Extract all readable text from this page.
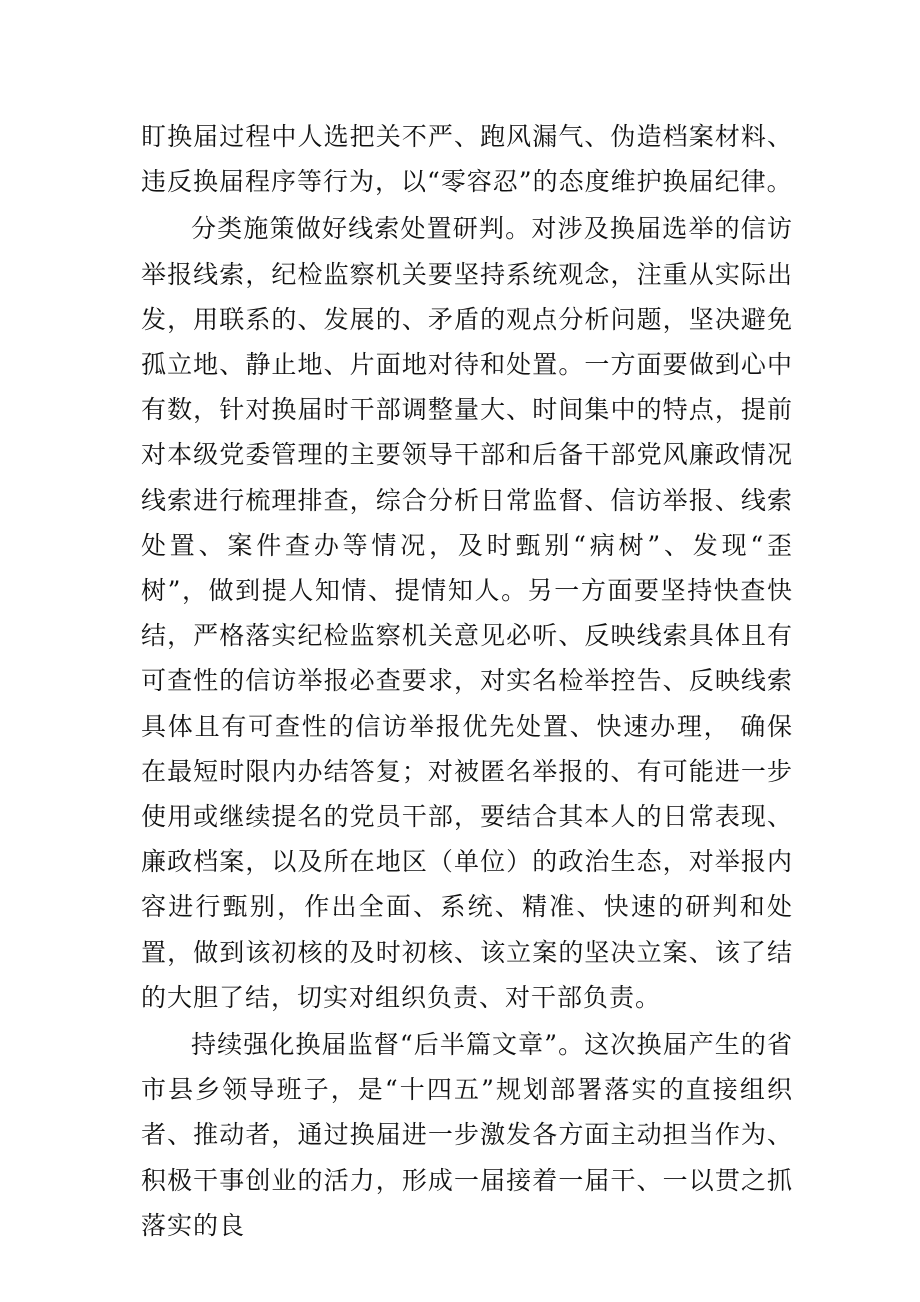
盯换届过程中人选把关不严、跑风漏气、伪造档案材料、违反换届程序等行为，以“零容忍”的态度维护换届纪律。

分类施策做好线索处置研判。对涉及换届选举的信访举报线索，纪检监察机关要坚持系统观念，注重从实际出发，用联系的、发展的、矛盾的观点分析问题，坚决避免孤立地、静止地、片面地对待和处置。一方面要做到心中有数，针对换届时干部调整量大、时间集中的特点，提前对本级党委管理的主要领导干部和后备干部党风廉政情况线索进行梳理排查，综合分析日常监督、信访举报、线索处置、案件查办等情况，及时甄别“病树”、发现“歪树”，做到提人知情、提情知人。另一方面要坚持快查快结，严格落实纪检监察机关意见必听、反映线索具体且有可查性的信访举报必查要求，对实名检举控告、反映线索具体且有可查性的信访举报优先处置、快速办理， 确保在最短时限内办结答复；对被匿名举报的、有可能进一步使用或继续提名的党员干部，要结合其本人的日常表现、廉政档案，以及所在地区（单位）的政治生态，对举报内容进行甄别，作出全面、系统、精准、快速的研判和处置，做到该初核的及时初核、该立案的坚决立案、该了结的大胆了结，切实对组织负责、对干部负责。

持续强化换届监督“后半篇文章”。这次换届产生的省市县乡领导班子，是“十四五”规划部署落实的直接组织者、推动者，通过换届进一步激发各方面主动担当作为、积极干事创业的活力，形成一届接着一届干、一以贯之抓落实的良
